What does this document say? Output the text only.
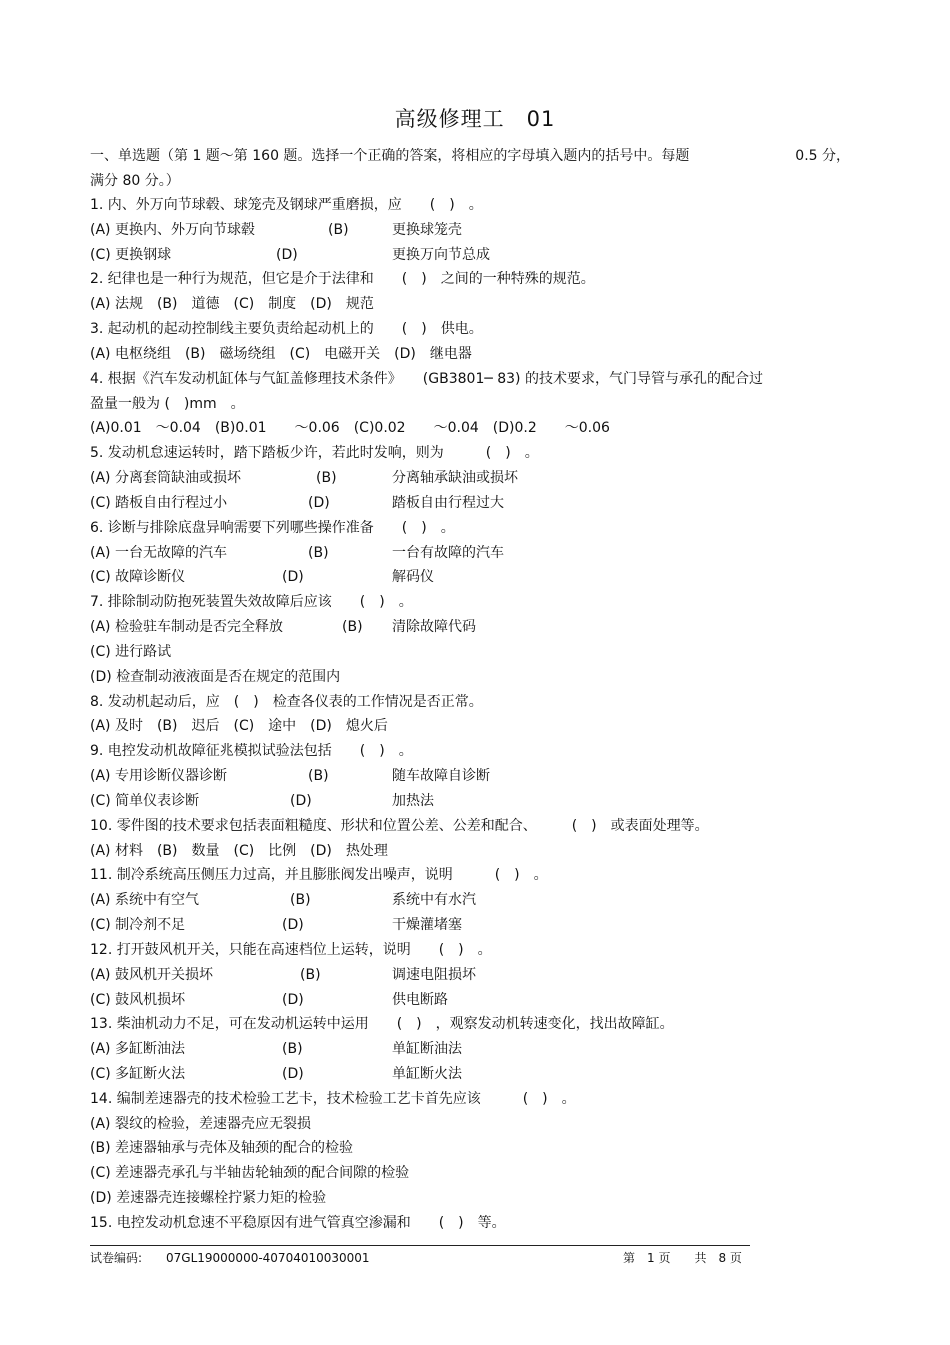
高级修理工 01
一、单选题（第 1 题～第 160 题。选择一个正确的答案，将相应的字母填入题内的括号中。每题	0.5 分，
满分 80 分。）
1. 内、外万向节球毂、球笼壳及钢球严重磨损，应　　(　)　。
(A) 更换内、外万向节球毂	(B)	更换球笼壳
(C) 更换钢球	(D)	更换万向节总成
2. 纪律也是一种行为规范，但它是介于法律和　　(　)　之间的一种特殊的规范。
(A) 法规　(B)　道德　(C)　制度　(D)　规范
3. 起动机的起动控制线主要负责给起动机上的　　(　)　供电。
(A) 电枢绕组　(B)　磁场绕组　(C)　电磁开关　(D)　继电器
4. 根据《汽车发动机缸体与气缸盖修理技术条件》　　(GB3801─ 83) 的技术要求，气门导管与承孔的配合过
盈量一般为 (　)mm　。
(A)0.01　～0.04　(B)0.01　　～0.06　(C)0.02　　～0.04　(D)0.2　　～0.06
5. 发动机怠速运转时，踏下踏板少许，若此时发响，则为　　　(　)　。
(A) 分离套筒缺油或损坏	(B)	分离轴承缺油或损坏
(C) 踏板自由行程过小	(D)	踏板自由行程过大
6. 诊断与排除底盘异响需要下列哪些操作准备　　(　)　。
(A) 一台无故障的汽车	(B)	一台有故障的汽车
(C) 故障诊断仪	(D)	解码仪
7. 排除制动防抱死装置失效故障后应该　　(　)　。
(A) 检验驻车制动是否完全释放	(B) 清除故障代码
(C) 进行路试
(D) 检查制动液液面是否在规定的范围内
8. 发动机起动后，应　(　)　检查各仪表的工作情况是否正常。
(A) 及时　(B)　迟后　(C)　途中　(D)　熄火后
9. 电控发动机故障征兆模拟试验法包括　　(　)　。
(A) 专用诊断仪器诊断	(B)	随车故障自诊断
(C) 简单仪表诊断	(D)	加热法
10. 零件图的技术要求包括表面粗糙度、形状和位置公差、公差和配合、　　　(　)　或表面处理等。
(A) 材料　(B)　数量　(C)　比例　(D)　热处理
11. 制冷系统高压侧压力过高，并且膨胀阀发出噪声，说明　　　(　)　。
(A) 系统中有空气	(B)	系统中有水汽
(C) 制冷剂不足	(D)	干燥灌堵塞
12. 打开鼓风机开关，只能在高速档位上运转，说明　　(　)　。
(A) 鼓风机开关损坏	(B)	调速电阻损坏
(C) 鼓风机损坏	(D)	供电断路
13. 柴油机动力不足，可在发动机运转中运用　　(　)　，观察发动机转速变化，找出故障缸。
(A) 多缸断油法	(B)	单缸断油法
(C) 多缸断火法	(D)	单缸断火法
14. 编制差速器壳的技术检验工艺卡，技术检验工艺卡首先应该　　　(　)　。
(A) 裂纹的检验，差速器壳应无裂损
(B) 差速器轴承与壳体及轴颈的配合的检验
(C) 差速器壳承孔与半轴齿轮轴颈的配合间隙的检验
(D) 差速器壳连接螺栓拧紧力矩的检验
15. 电控发动机怠速不平稳原因有进气管真空渗漏和　　(　)　等。
试卷编码: 07GL19000000-40704010030001	第　1 页　　共　8 页
